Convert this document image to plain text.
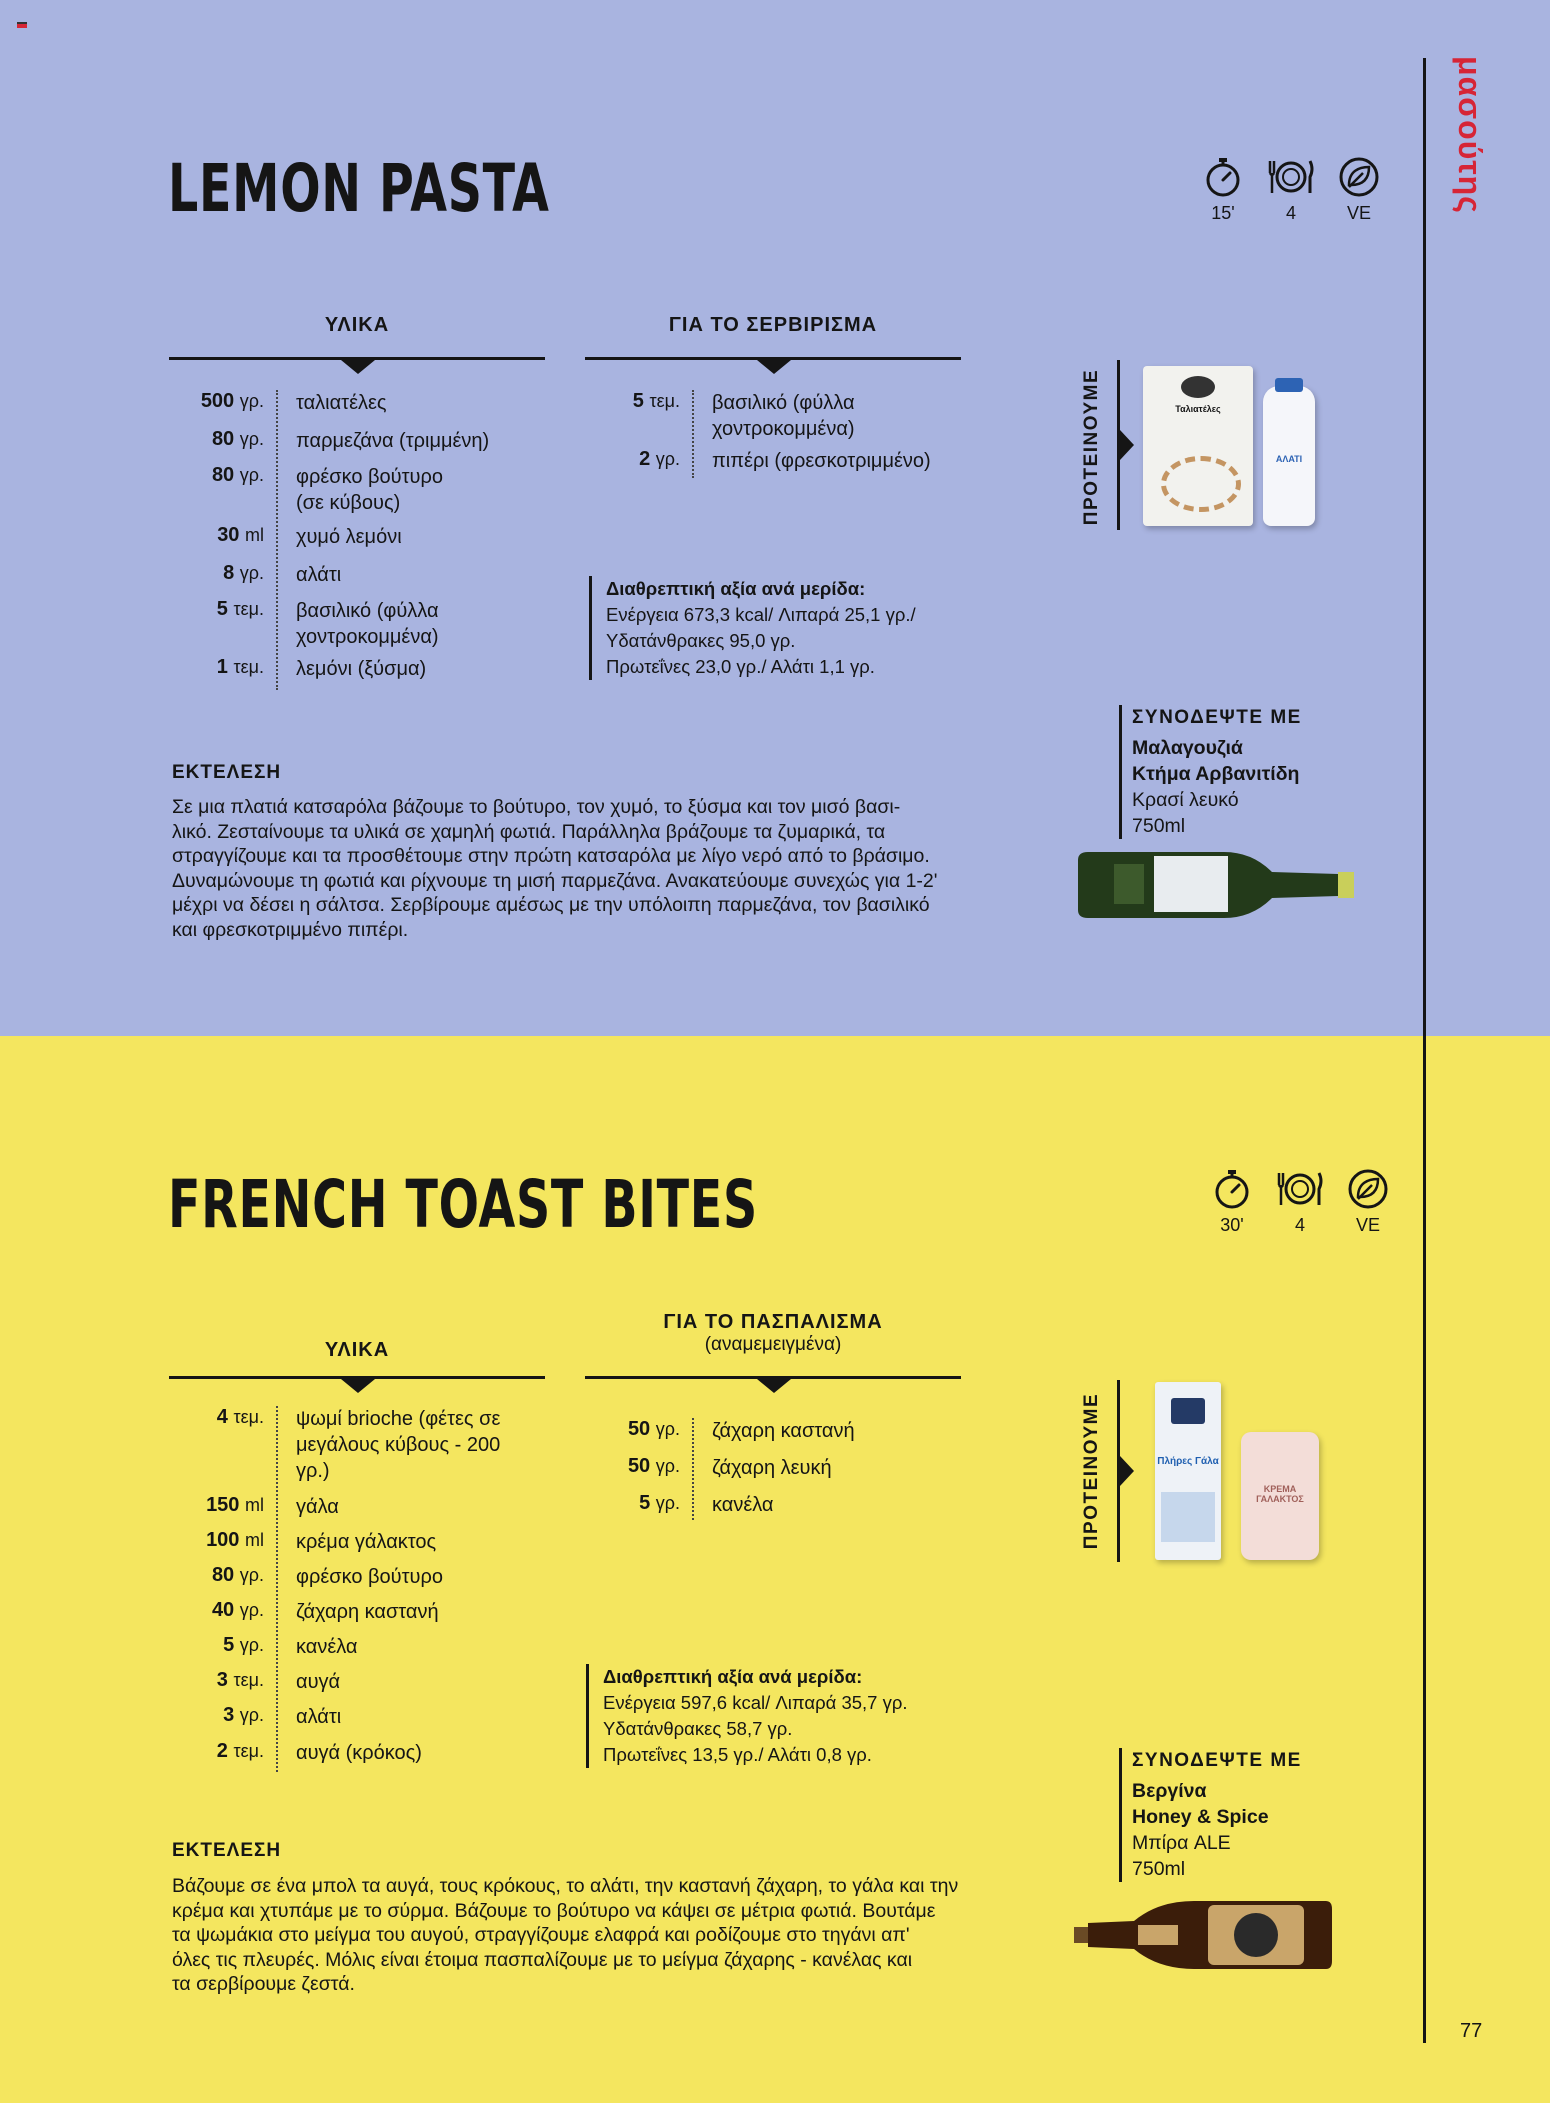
μασούτης
77
LEMON PASTA	15'	4	VE
ΥΛΙΚΑ	ΓΙΑ ΤΟ ΣΕΡΒΙΡΙΣΜΑ
500 γρ. ταλιατέλες
80 γρ. παρμεζάνα (τριμμένη)
80 γρ. φρέσκο βούτυρο (σε κύβους)
30 ml χυμό λεμόνι
8 γρ. αλάτι
5 τεμ. βασιλικό (φύλλα χοντροκομμένα)
1 τεμ. λεμόνι (ξύσμα)
5 τεμ. βασιλικό (φύλλα χοντροκομμένα)
2 γρ. πιπέρι (φρεσκοτριμμένο)
Διαθρεπτική αξία ανά μερίδα:
Ενέργεια 673,3 kcal/ Λιπαρά 25,1 γρ./
Υδατάνθρακες 95,0 γρ.
Πρωτεΐνες 23,0 γρ./ Αλάτι 1,1 γρ.
ΕΚΤΕΛΕΣΗ
Σε μια πλατιά κατσαρόλα βάζουμε το βούτυρο, τον χυμό, το ξύσμα και τον μισό βασι-
λικό. Ζεσταίνουμε τα υλικά σε χαμηλή φωτιά. Παράλληλα βράζουμε τα ζυμαρικά, τα
στραγγίζουμε και τα προσθέτουμε στην πρώτη κατσαρόλα με λίγο νερό από το βράσιμο.
Δυναμώνουμε τη φωτιά και ρίχνουμε τη μισή παρμεζάνα. Ανακατεύουμε συνεχώς για 1-2'
μέχρι να δέσει η σάλτσα. Σερβίρουμε αμέσως με την υπόλοιπη παρμεζάνα, τον βασιλικό
και φρεσκοτριμμένο πιπέρι.
ΠΡΟΤΕΙΝΟΥΜΕ	Ταλιατέλες
ΑΛΑΤΙ
ΣΥΝΟΔΕΨΤΕ ΜΕ
Μαλαγουζιά
Κτήμα Αρβανιτίδη
Κρασί λευκό
750ml
FRENCH TOAST BITES	30'	4	VE
ΥΛΙΚΑ
ΓΙΑ ΤΟ ΠΑΣΠΑΛΙΣΜΑ
(αναμεμειγμένα)
4 τεμ. ψωμί brioche (φέτες σε μεγάλους κύβους - 200 γρ.)
150 ml γάλα
100 ml κρέμα γάλακτος
80 γρ. φρέσκο βούτυρο
40 γρ. ζάχαρη καστανή
5 γρ. κανέλα
3 τεμ. αυγά
3 γρ. αλάτι
2 τεμ. αυγά (κρόκος)
50 γρ. ζάχαρη καστανή
50 γρ. ζάχαρη λευκή
5 γρ. κανέλα
Διαθρεπτική αξία ανά μερίδα:
Ενέργεια 597,6 kcal/ Λιπαρά 35,7 γρ.
Υδατάνθρακες 58,7 γρ.
Πρωτεΐνες 13,5 γρ./ Αλάτι 0,8 γρ.
ΕΚΤΕΛΕΣΗ
Βάζουμε σε ένα μπολ τα αυγά, τους κρόκους, το αλάτι, την καστανή ζάχαρη, το γάλα και την
κρέμα και χτυπάμε με το σύρμα. Βάζουμε το βούτυρο να κάψει σε μέτρια φωτιά. Βουτάμε
τα ψωμάκια στο μείγμα του αυγού, στραγγίζουμε ελαφρά και ροδίζουμε στο τηγάνι απ'
όλες τις πλευρές. Μόλις είναι έτοιμα πασπαλίζουμε με το μείγμα ζάχαρης - κανέλας και
τα σερβίρουμε ζεστά.
ΠΡΟΤΕΙΝΟΥΜΕ	Πλήρες Γάλα
ΚΡΕΜΑ ΓΑΛΑΚΤΟΣ
ΣΥΝΟΔΕΨΤΕ ΜΕ
Βεργίνα
Honey & Spice
Μπίρα ALE
750ml
